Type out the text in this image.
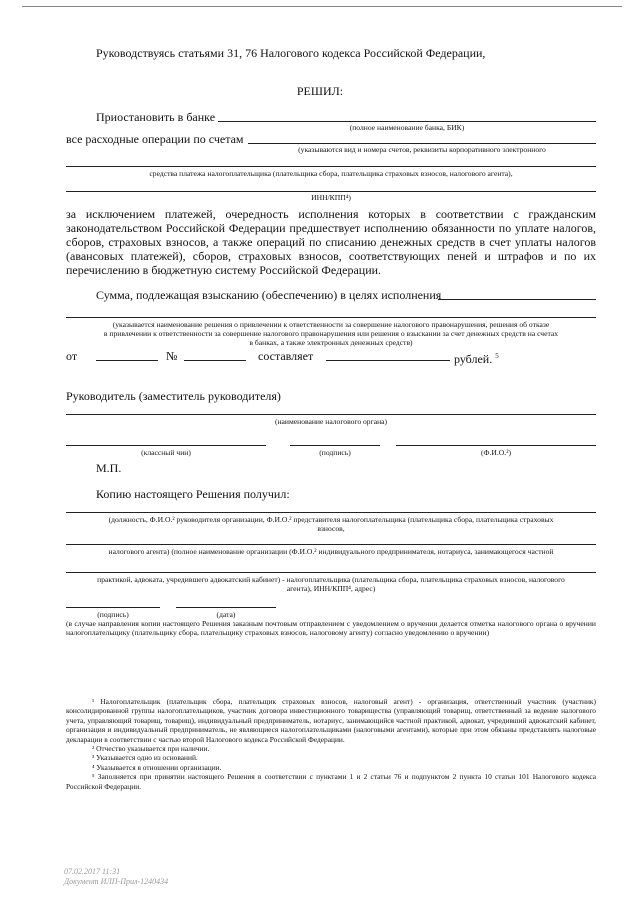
Руководствуясь статьями 31, 76 Налогового кодекса Российской Федерации,
РЕШИЛ:
Приостановить в банке
(полное наименование банка, БИК)
все расходные операции по счетам
(указываются вид и номера счетов, реквизиты корпоративного электронного
средства платежа налогоплательщика (плательщика сбора, плательщика страховых взносов, налогового агента),
ИНН/КПП⁴)
за исключением платежей, очередность исполнения которых в соответствии с гражданским
законодательством Российской Федерации предшествует исполнению обязанности по уплате налогов,
сборов, страховых взносов, а также операций по списанию денежных средств в счет уплаты налогов
(авансовых платежей), сборов, страховых взносов, соответствующих пеней и штрафов и по их
перечислению в бюджетную систему Российской Федерации.
Сумма, подлежащая взысканию (обеспечению) в целях исполнения
(указывается наименование решения о привлечении к ответственности за совершение налогового правонарушения, решения об отказе
в привлечении к ответственности за совершение налогового правонарушения или решения о взыскании за счет денежных средств на счетах
в банках, а также электронных денежных средств)
от	№	составляет	рублей. $^5$
Руководитель (заместитель руководителя)
(наименование налогового органа)
(классный чин)	(подпись)	(Ф.И.О.²)
М.П.
Копию настоящего Решения получил:
(должность, Ф.И.О.² руководителя организации, Ф.И.О.² представителя налогоплательщика (плательщика сбора, плательщика страховых
взносов,
налогового агента) (полное наименование организации (Ф.И.О.² индивидуального предпринимателя, нотариуса, занимающегося частной
практикой, адвоката, учредившего адвокатский кабинет) - налогоплательщика (плательщика сбора, плательщика страховых взносов, налогового
агента), ИНН/КПП⁴, адрес)
(подпись)	(дата)
(в случае направления копии настоящего Решения заказным почтовым отправлением с уведомлением о вручении делается отметка налогового органа о вручении налогоплательщику (плательщику сбора, плательщику страховых взносов, налоговому агенту) согласно уведомлению о вручении)
¹ Налогоплательщик (плательщик сбора, плательщик страховых взносов, налоговый агент) - организация, ответственный участник (участник) консолидированной группы налогоплательщиков, участник договора инвестиционного товарищества (управляющий товарищ, ответственный за ведение налогового учета, управляющий товарищ, товарищ), индивидуальный предприниматель, нотариус, занимающийся частной практикой, адвокат, учредивший адвокатский кабинет, организация и индивидуальный предприниматель, не являющиеся налогоплательщиками (налоговыми агентами), которые при этом обязаны представлять налоговые декларации в соответствии с частью второй Налогового кодекса Российской Федерации.
² Отчество указывается при наличии.
³ Указывается одно из оснований.
⁴ Указывается в отношении организации.
⁵ Заполняется при принятии настоящего Решения в соответствии с пунктами 1 и 2 статьи 76 и подпунктом 2 пункта 10 статьи 101 Налогового кодекса Российской Федерации.
07.02.2017 11:31
Документ ИЛП-Прил-1240434
